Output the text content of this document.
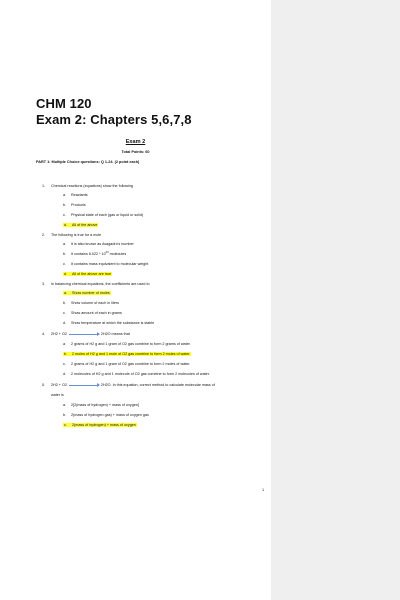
CHM 120
Exam 2: Chapters 5,6,7,8
Exam 2
Total Points: 60
PART 1: Multiple Choice questions: Q 1-24. (2 point each)
1. Chemical reactions (equations) show the following
a. Reactants
b. Products
c. Physical state of each (gas or liquid or solid)
d. All of the above
2. The following is true for a mole
a. It is also known as Avagadro's number
b. It contains $6.022 * 10^{23}$ molecules
c. It contains mass equivalent to molecular weight
d. All of the above are true
3. In balancing chemical equations, the coefficients are used to
a. Show number of moles
b. Show volume of each in liters
c. Show amount of each in grams
d. Show temperature at which the substance is stable
4. 2H2 + O2	2H2O means that
a. 2 grams of H2 g and 1 gram of O2 gas combine to form 2 grams of water.
b. 2 moles of H2 g and 1 mole of O2 gas combine to form 2 moles of water.
c. 2 grams of H2 g and 1 gram of O2 gas combine to form 2 moles of water.
d. 2 molecules of H2 g and 1 molecule of O2 gas combine to form 2 molecules of water.
5. 2H2 + O2	2H2O. In this equation, correct method to calculate molecular mass of
water is
a. 2[2(mass of hydrogen) + mass of oxygen]
b. 2(mass of hydrogen gas) + mass of oxygen gas
c. 2(mass of hydrogen) + mass of oxygen
1
